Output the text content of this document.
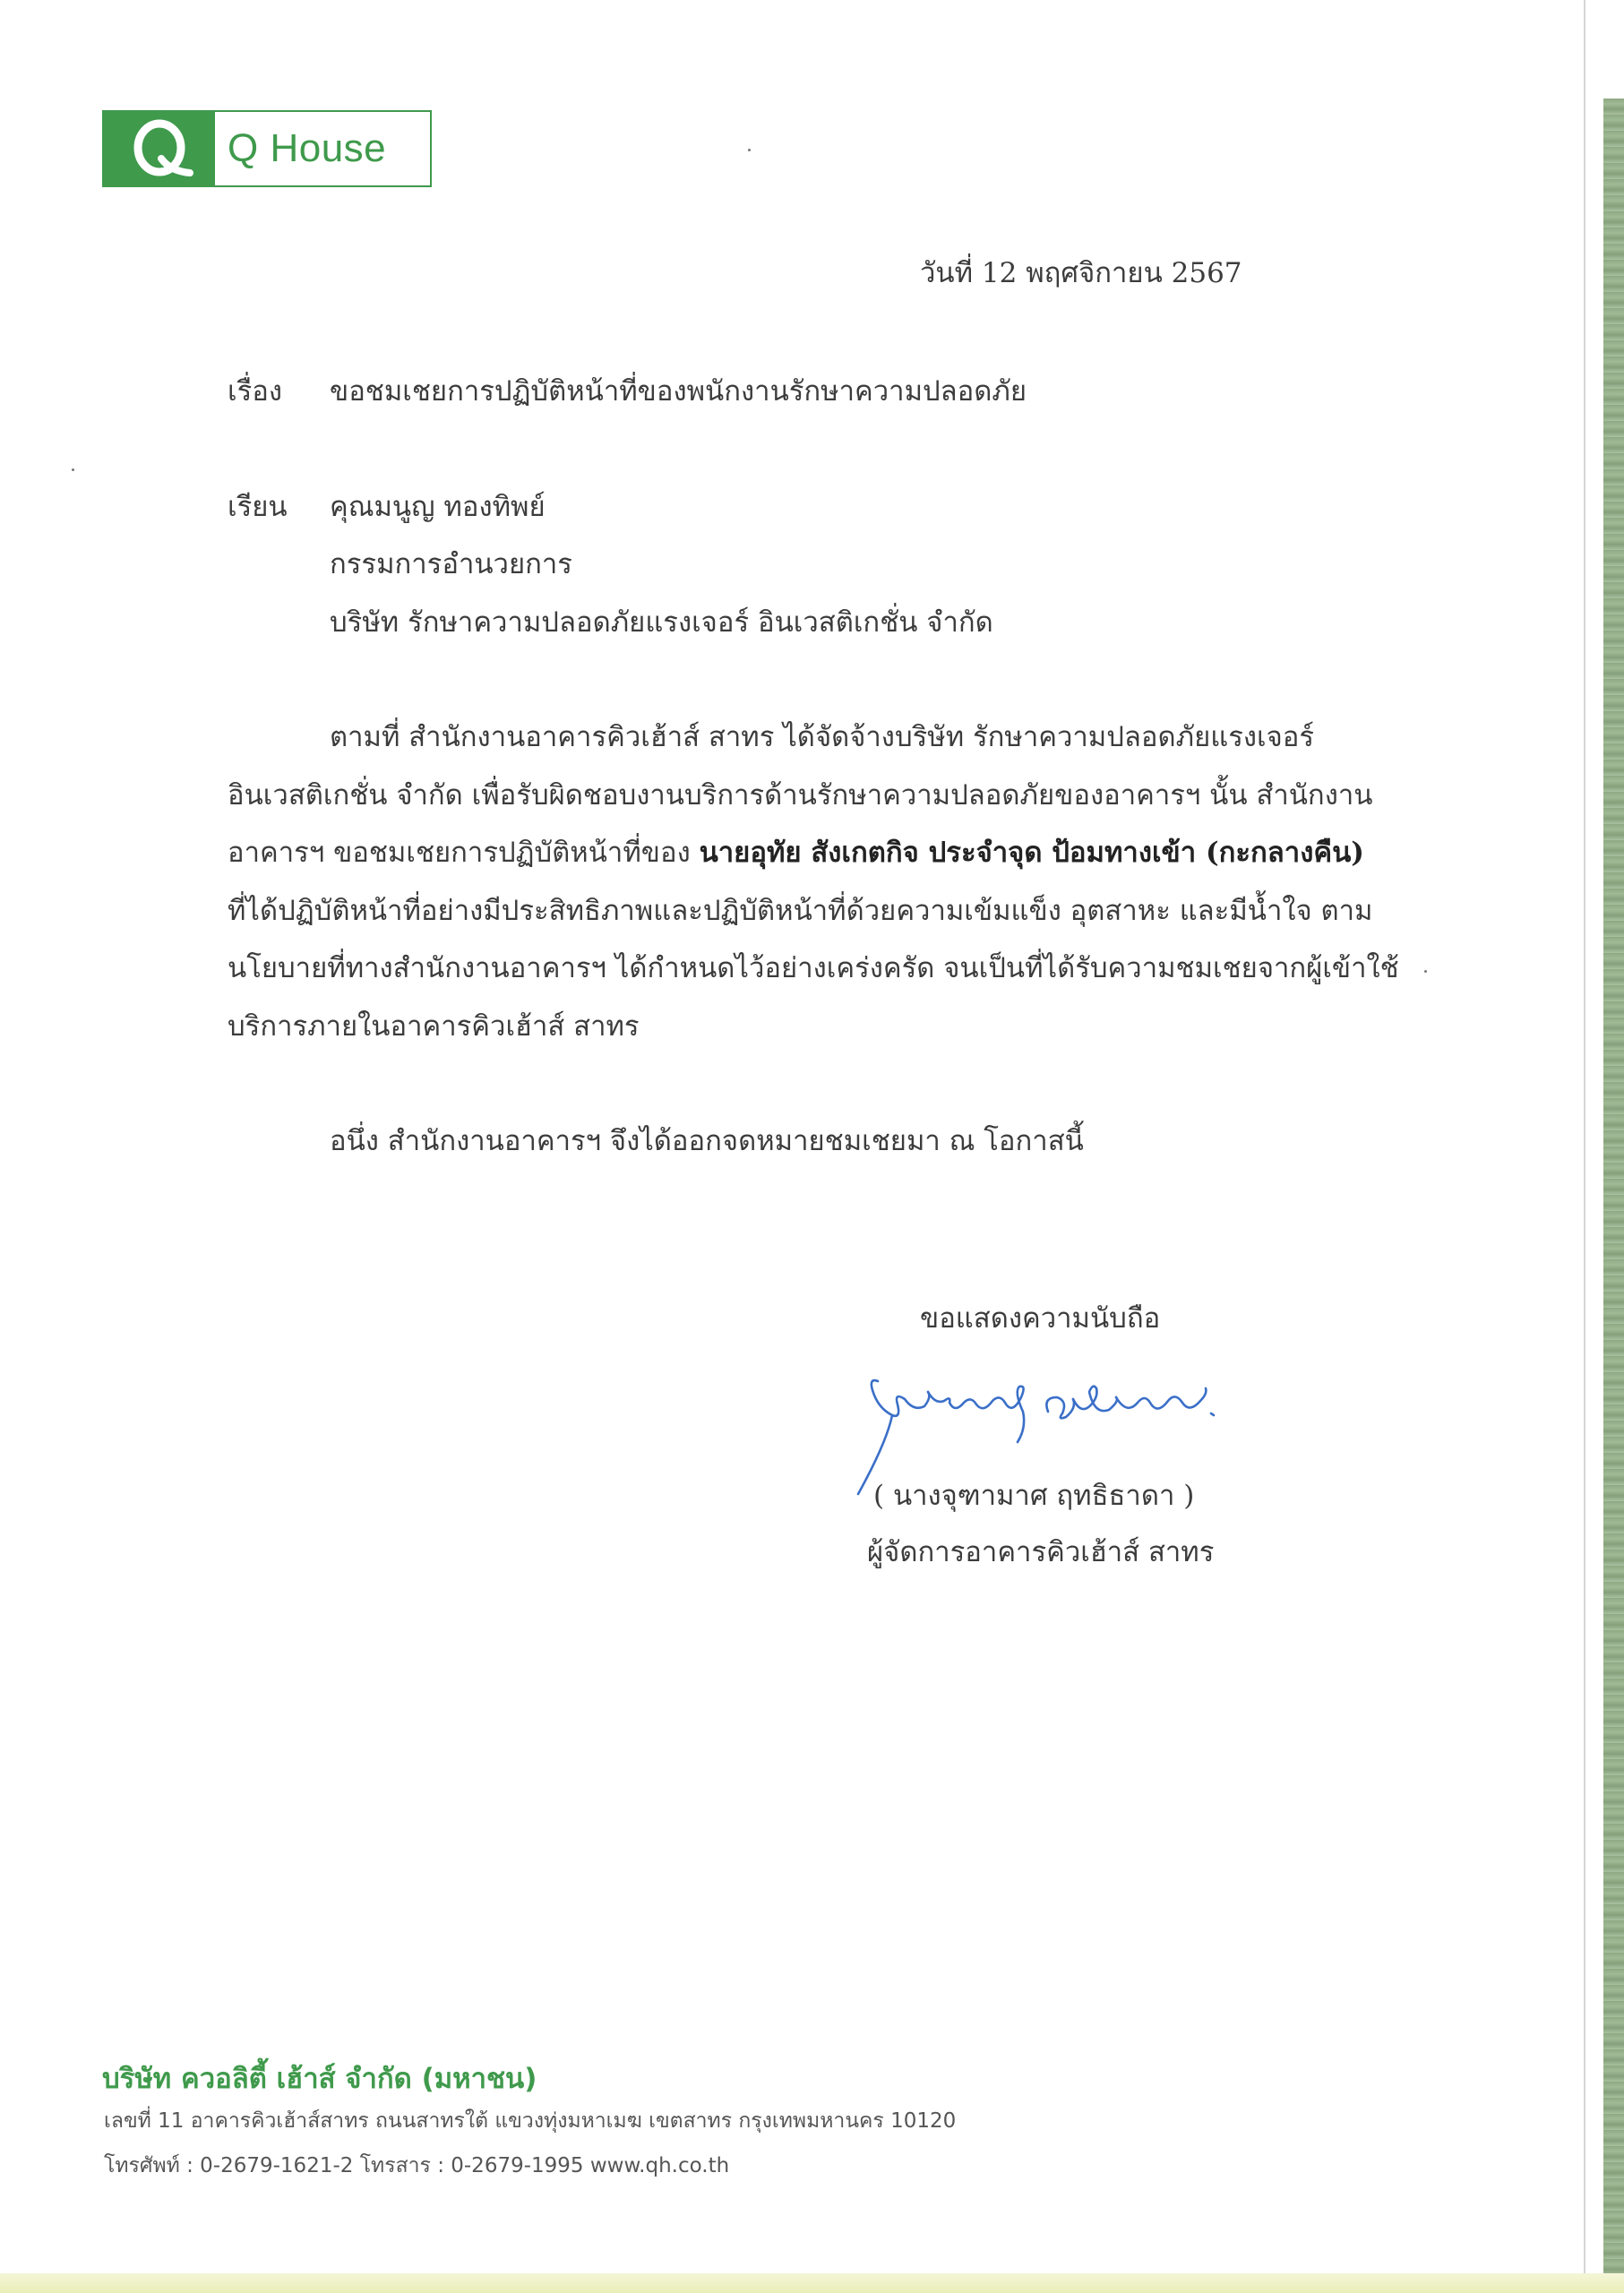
Q House
วันที่ 12 พฤศจิกายน 2567
เรื่อง ขอชมเชยการปฏิบัติหน้าที่ของพนักงานรักษาความปลอดภัย
เรียน คุณมนูญ ทองทิพย์
กรรมการอำนวยการ
บริษัท รักษาความปลอดภัยแรงเจอร์ อินเวสติเกชั่น จำกัด
ตามที่ สำนักงานอาคารคิวเฮ้าส์ สาทร ได้จัดจ้างบริษัท รักษาความปลอดภัยแรงเจอร์
อินเวสติเกชั่น จำกัด เพื่อรับผิดชอบงานบริการด้านรักษาความปลอดภัยของอาคารฯ นั้น สำนักงาน
อาคารฯ ขอชมเชยการปฏิบัติหน้าที่ของ นายอุทัย สังเกตกิจ ประจำจุด ป้อมทางเข้า (กะกลางคืน)
ที่ได้ปฏิบัติหน้าที่อย่างมีประสิทธิภาพและปฏิบัติหน้าที่ด้วยความเข้มแข็ง อุตสาหะ และมีน้ำใจ ตาม
นโยบายที่ทางสำนักงานอาคารฯ ได้กำหนดไว้อย่างเคร่งครัด จนเป็นที่ได้รับความชมเชยจากผู้เข้าใช้
บริการภายในอาคารคิวเฮ้าส์ สาทร
อนึ่ง สำนักงานอาคารฯ จึงได้ออกจดหมายชมเชยมา ณ โอกาสนี้
ขอแสดงความนับถือ
( นางจุฑามาศ ฤทธิธาดา )
ผู้จัดการอาคารคิวเฮ้าส์ สาทร
บริษัท ควอลิตี้ เฮ้าส์ จำกัด (มหาชน)
เลขที่ 11 อาคารคิวเฮ้าส์สาทร ถนนสาทรใต้ แขวงทุ่งมหาเมฆ เขตสาทร กรุงเทพมหานคร 10120
โทรศัพท์ : 0-2679-1621-2 โทรสาร : 0-2679-1995 www.qh.co.th
